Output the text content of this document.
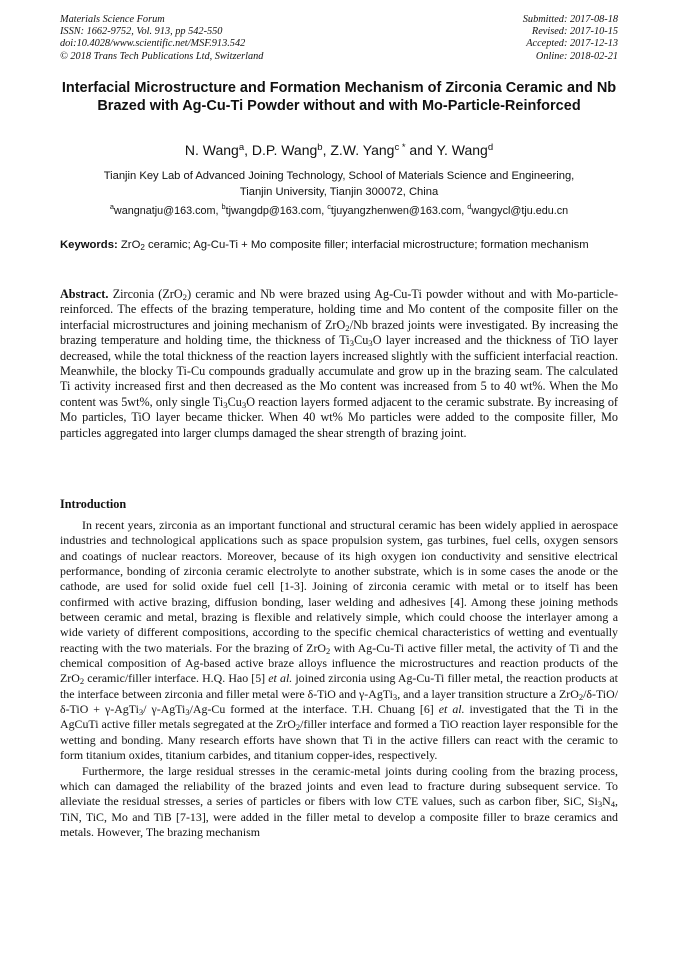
Materials Science Forum
ISSN: 1662-9752, Vol. 913, pp 542-550
doi:10.4028/www.scientific.net/MSF.913.542
© 2018 Trans Tech Publications Ltd, Switzerland
Submitted: 2017-08-18
Revised: 2017-10-15
Accepted: 2017-12-13
Online: 2018-02-21
Interfacial Microstructure and Formation Mechanism of Zirconia Ceramic and Nb Brazed with Ag-Cu-Ti Powder without and with Mo-Particle-Reinforced
N. Wang$^a$, D.P. Wang$^b$, Z.W. Yang$^{c *}$ and Y. Wang$^d$
Tianjin Key Lab of Advanced Joining Technology, School of Materials Science and Engineering,
Tianjin University, Tianjin 300072, China
$^a$wangnatju@163.com, $^b$tjwangdp@163.com, $^c$tjuyangzhenwen@163.com, $^d$wangycl@tju.edu.cn
Keywords: ZrO$_2$ ceramic; Ag-Cu-Ti + Mo composite filler; interfacial microstructure; formation mechanism
Abstract. Zirconia (ZrO$_2$) ceramic and Nb were brazed using Ag-Cu-Ti powder without and with Mo-particle-reinforced. The effects of the brazing temperature, holding time and Mo content of the composite filler on the interfacial microstructures and joining mechanism of ZrO$_2$/Nb brazed joints were investigated. By increasing the brazing temperature and holding time, the thickness of $Ti_3Cu_3O$ layer increased and the thickness of TiO layer decreased, while the total thickness of the reaction layers increased slightly with the sufficient interfacial reaction. Meanwhile, the blocky Ti-Cu compounds gradually accumulate and grow up in the brazing seam. The calculated Ti activity increased first and then decreased as the Mo content was increased from 5 to 40 wt%. When the Mo content was 5wt%, only single $Ti_3Cu_3O$ reaction layers formed adjacent to the ceramic substrate. By increasing of Mo particles, TiO layer became thicker. When 40 wt% Mo particles were added to the composite filler, Mo particles aggregated into larger clumps damaged the shear strength of brazing joint.
Introduction

In recent years, zirconia as an important functional and structural ceramic has been widely applied in aerospace industries and technological applications such as space propulsion system, gas turbines, fuel cells, oxygen sensors and coatings of nuclear reactors. Moreover, because of its high oxygen ion conductivity and sensitive electrical performance, bonding of zirconia ceramic electrolyte to another substrate, which is in some cases the anode or the cathode, are used for solid oxide fuel cell [1-3]. Joining of zirconia ceramic with metal or to itself has been confirmed with active brazing, diffusion bonding, laser welding and adhesives [4]. Among these joining methods between ceramic and metal, brazing is flexible and relatively simple, which could choose the interlayer among a wide variety of different compositions, according to the specific chemical characteristics of wetting and eventually reacting with the two materials. For the brazing of ZrO$_2$ with Ag-Cu-Ti active filler metal, the activity of Ti and the chemical composition of Ag-based active braze alloys influence the microstructures and reaction products of the ZrO$_2$ ceramic/filler interface. H.Q. Hao [5] et al. joined zirconia using Ag-Cu-Ti filler metal, the reaction products at the interface between zirconia and filler metal were δ-TiO and γ-AgTi$_3$, and a layer transition structure a ZrO$_2$/δ-TiO/δ-TiO + γ-AgTi$_3$/ γ-AgTi$_3$/Ag-Cu formed at the interface. T.H. Chuang [6] et al. investigated that the Ti in the AgCuTi active filler metals segregated at the ZrO$_2$/filler interface and formed a TiO reaction layer responsible for the wetting and bonding. Many research efforts have shown that Ti in the active fillers can react with the ceramic to form titanium oxides, titanium carbides, and titanium copper-ides, respectively.

Furthermore, the large residual stresses in the ceramic-metal joints during cooling from the brazing process, which can damaged the reliability of the brazed joints and even lead to fracture during subsequent service. To alleviate the residual stresses, a series of particles or fibers with low CTE values, such as carbon fiber, SiC, $Si_3N_4$, TiN, TiC, Mo and TiB [7-13], were added in the filler metal to develop a composite filler to braze ceramics and metals. However, The brazing mechanism
